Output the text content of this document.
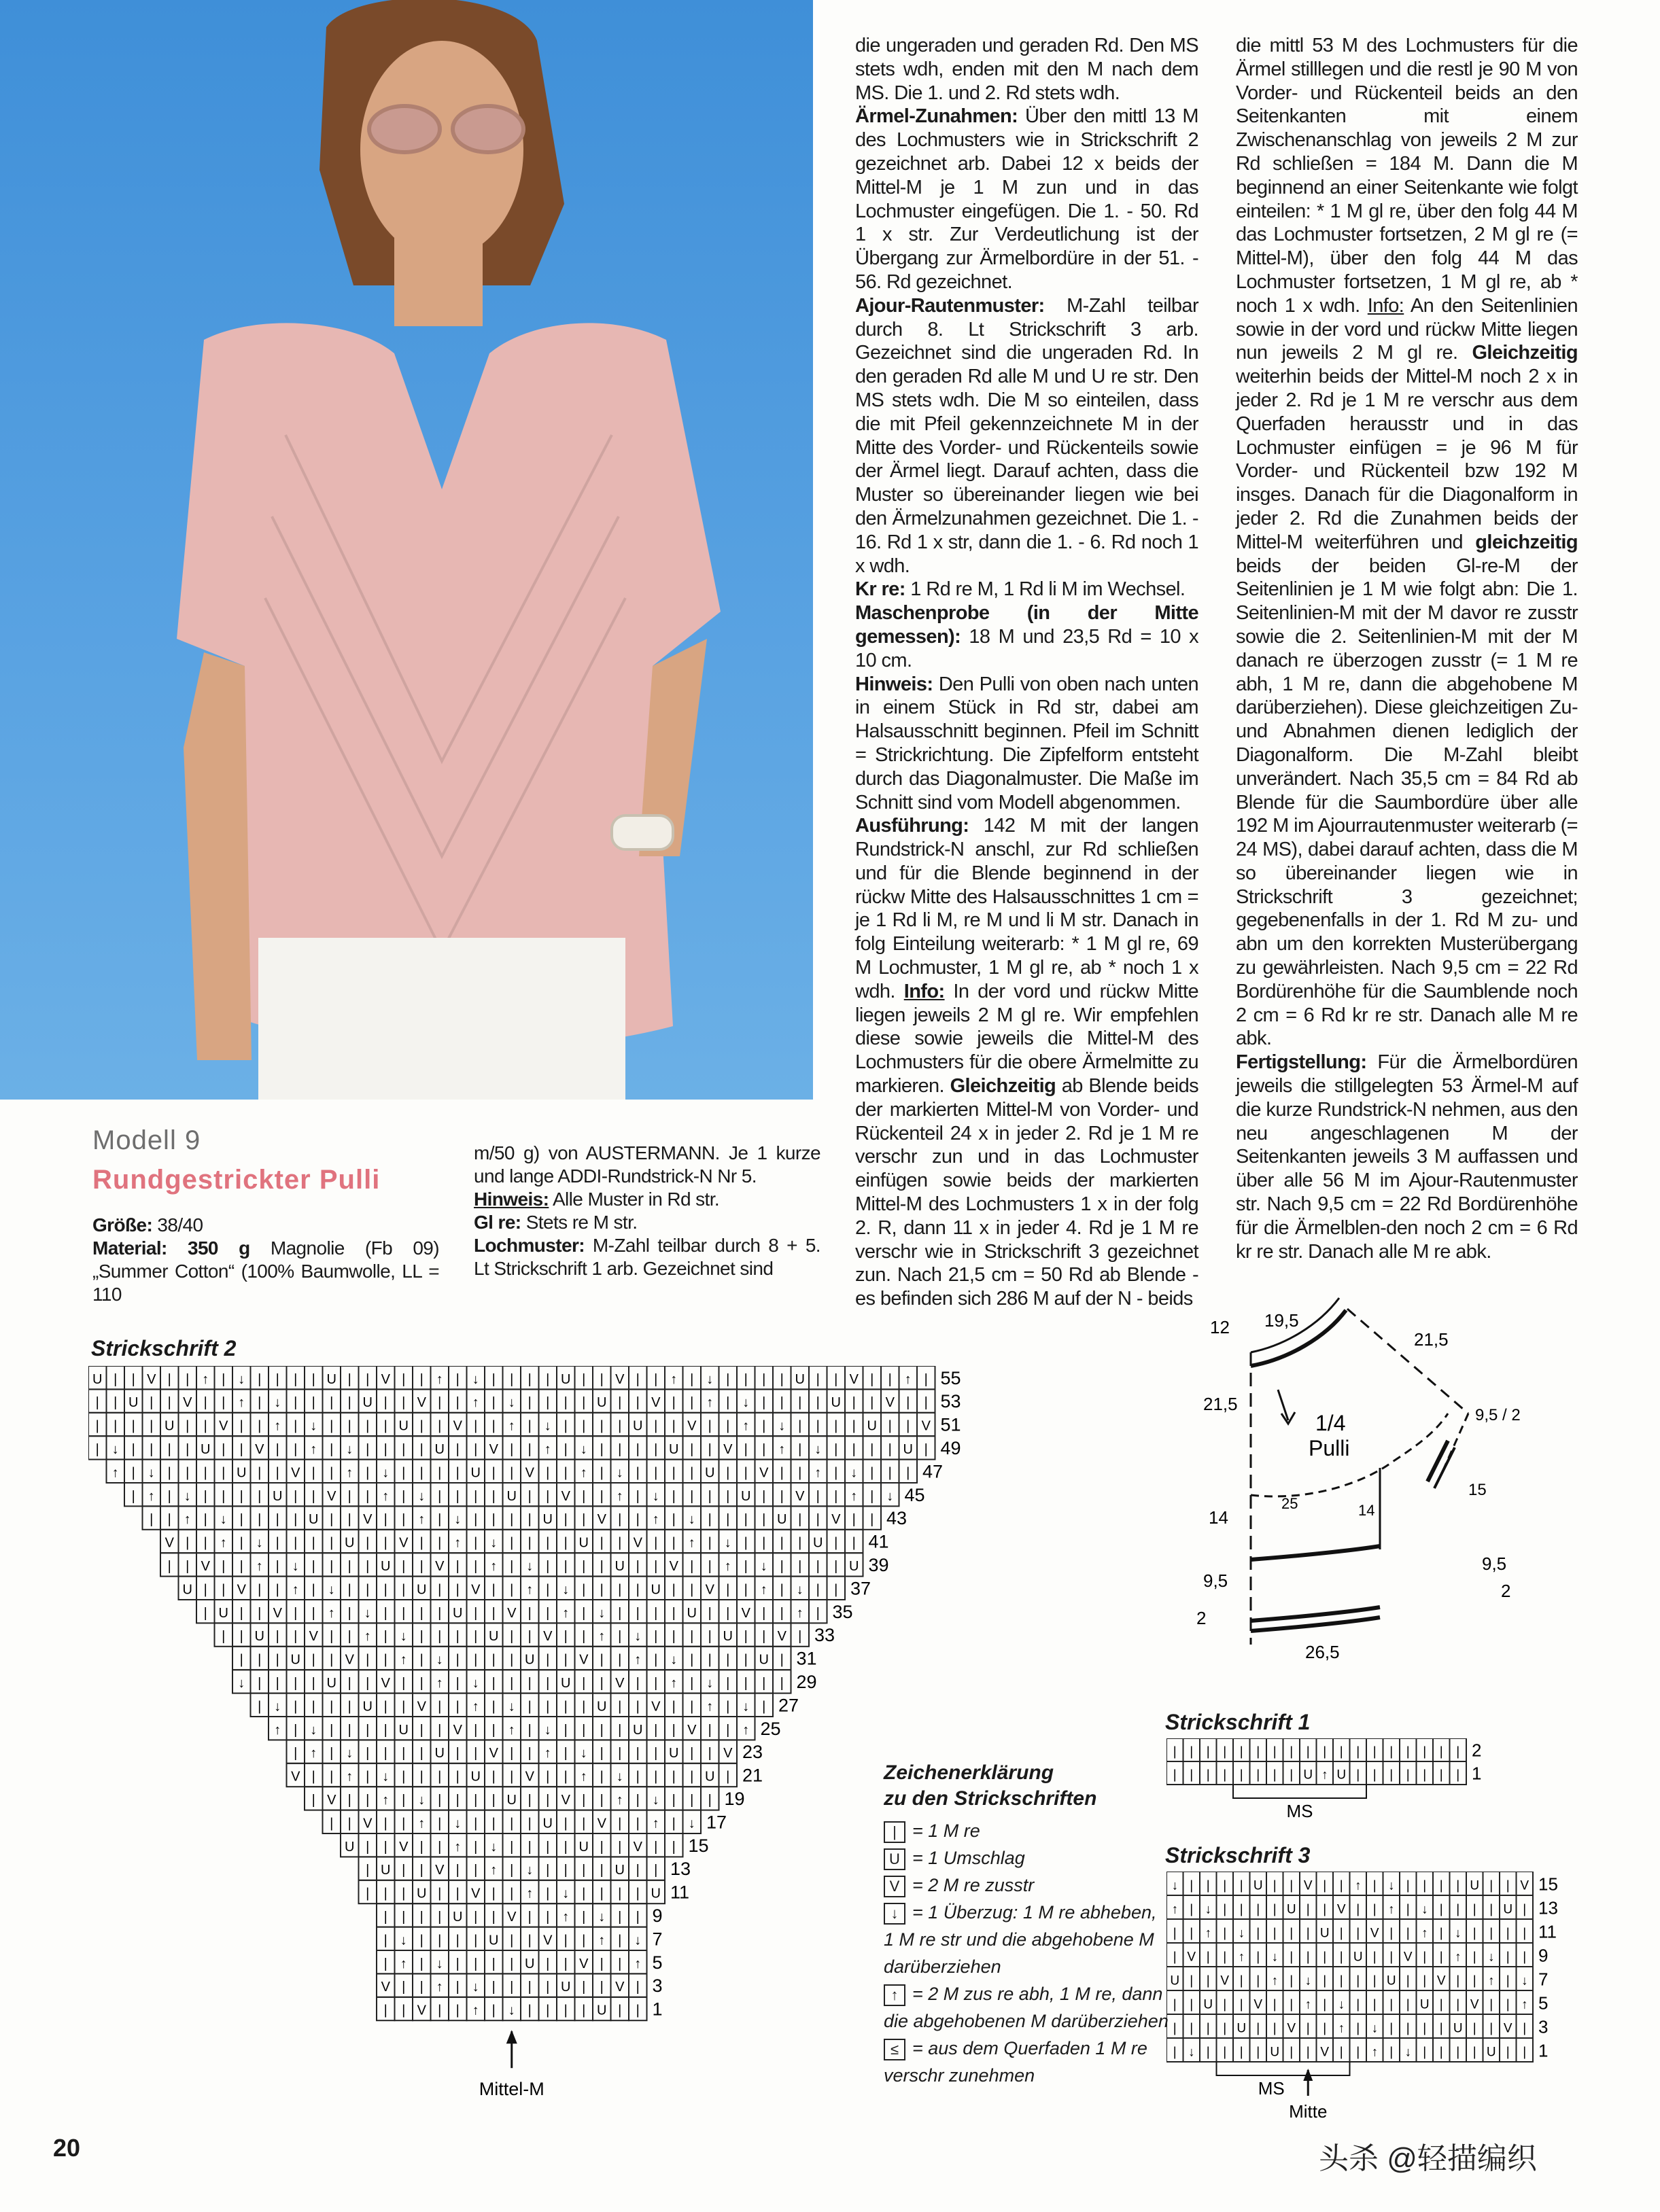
Modell 9
Rundgestrickter Pulli
Größe: 38/40
Material: 350 g Magnolie (Fb 09) „Summer Cotton“ (100% Baumwolle, LL = 110
m/50 g) von AUSTERMANN. Je 1 kurze und lange ADDI-Rundstrick-N Nr 5.
Hinweis: Alle Muster in Rd str.
Gl re: Stets re M str.
Lochmuster: M-Zahl teilbar durch 8 + 5. Lt Strickschrift 1 arb. Gezeichnet sind
die ungeraden und geraden Rd. Den MS stets wdh, enden mit den M nach dem MS. Die 1. und 2. Rd stets wdh.
Ärmel-Zunahmen: Über den mittl 13 M des Lochmusters wie in Strickschrift 2 gezeichnet arb. Dabei 12 x beids der Mittel-M je 1 M zun und in das Lochmuster eingefügen. Die 1. - 50. Rd 1 x str. Zur Verdeutlichung ist der Übergang zur Ärmelbordüre in der 51. - 56. Rd gezeichnet.
Ajour-Rautenmuster: M-Zahl teilbar durch 8. Lt Strickschrift 3 arb. Gezeichnet sind die ungeraden Rd. In den geraden Rd alle M und U re str. Den MS stets wdh. Die M so einteilen, dass die mit Pfeil gekennzeichnete M in der Mitte des Vorder- und Rückenteils sowie der Ärmel liegt. Darauf achten, dass die Muster so übereinander liegen wie bei den Ärmelzunahmen gezeichnet. Die 1. - 16. Rd 1 x str, dann die 1. - 6. Rd noch 1 x wdh.
Kr re: 1 Rd re M, 1 Rd li M im Wechsel.
Maschenprobe (in der Mitte gemessen): 18 M und 23,5 Rd = 10 x 10 cm.
Hinweis: Den Pulli von oben nach unten in einem Stück in Rd str, dabei am Halsausschnitt beginnen. Pfeil im Schnitt = Strickrichtung. Die Zipfelform entsteht durch das Diagonalmuster. Die Maße im Schnitt sind vom Modell abgenommen.
Ausführung: 142 M mit der langen Rundstrick-N anschl, zur Rd schließen und für die Blende beginnend in der rückw Mitte des Halsausschnittes 1 cm = je 1 Rd li M, re M und li M str. Danach in folg Einteilung weiterarb: * 1 M gl re, 69 M Lochmuster, 1 M gl re, ab * noch 1 x wdh. Info: In der vord und rückw Mitte liegen jeweils 2 M gl re. Wir empfehlen diese sowie jeweils die Mittel-M des Lochmusters für die obere Ärmelmitte zu markieren. Gleichzeitig ab Blende beids der markierten Mittel-M von Vorder- und Rückenteil 24 x in jeder 2. Rd je 1 M re verschr zun und in das Lochmuster einfügen sowie beids der markierten Mittel-M des Lochmusters 1 x in der folg 2. R, dann 11 x in jeder 4. Rd je 1 M re verschr wie in Strickschrift 3 gezeichnet zun. Nach 21,5 cm = 50 Rd ab Blende - es befinden sich 286 M auf der N - beids
die mittl 53 M des Lochmusters für die Ärmel stilllegen und die restl je 90 M von Vorder- und Rückenteil beids an den Seitenkanten mit einem Zwischenanschlag von jeweils 2 M zur Rd schließen = 184 M. Dann die M beginnend an einer Seitenkante wie folgt einteilen: * 1 M gl re, über den folg 44 M das Lochmuster fortsetzen, 2 M gl re (= Mittel-M), über den folg 44 M das Lochmuster fortsetzen, 1 M gl re, ab * noch 1 x wdh. Info: An den Seitenlinien sowie in der vord und rückw Mitte liegen nun jeweils 2 M gl re. Gleichzeitig weiterhin beids der Mittel-M noch 2 x in jeder 2. Rd je 1 M re verschr aus dem Querfaden herausstr und in das Lochmuster einfügen = je 96 M für Vorder- und Rückenteil bzw 192 M insges. Danach für die Diagonalform in jeder 2. Rd die Zunahmen beids der Mittel-M weiterführen und gleichzeitig beids der beiden Gl-re-M der Seitenlinien je 1 M wie folgt abn: Die 1. Seitenlinien-M mit der M davor re zusstr sowie die 2. Seitenlinien-M mit der M danach re überzogen zusstr (= 1 M re abh, 1 M re, dann die abgehobene M darüberziehen). Diese gleichzeitigen Zu- und Abnahmen dienen lediglich der Diagonalform. Die M-Zahl bleibt unverändert. Nach 35,5 cm = 84 Rd ab Blende für die Saumbordüre über alle 192 M im Ajourrautenmuster weiterarb (= 24 MS), dabei darauf achten, dass die M so übereinander liegen wie in Strickschrift 3 gezeichnet; gegebenenfalls in der 1. Rd M zu- und abn um den korrekten Musterübergang zu gewährleisten. Nach 9,5 cm = 22 Rd Bordürenhöhe für die Saumblende noch 2 cm = 6 Rd kr re str. Danach alle M re abk.
Fertigstellung: Für die Ärmelbordüren jeweils die stillgelegten 53 Ärmel-M auf die kurze Rundstrick-N nehmen, aus den neu angeschlagenen M der Seitenkanten jeweils 3 M auffassen und über alle 56 M im Ajour-Rautenmuster str. Nach 9,5 cm = 22 Rd Bordürenhöhe für die Ärmelblen-den noch 2 cm = 6 Rd kr re str. Danach alle M re abk.
Strickschrift 2
U | | V | | ↑ | ↓ | | | | U | | V | | ↑ | ↓ | | | | U | | V | | ↑ | ↓ | | | | U | | V | | ↑ | 55
| | U | | V | | ↑ | ↓ | | | | U | | V | | ↑ | ↓ | | | | U | | V | | ↑ | ↓ | | | | U | | V | | 53
| | | | U | | V | | ↑ | ↓ | | | | U | | V | | ↑ | ↓ | | | | U | | V | | ↑ | ↓ | | | | U | | V 51
| ↓ | | | | U | | V | | ↑ | ↓ | | | | U | | V | | ↑ | ↓ | | | | U | | V | | ↑ | ↓ | | | | U | 49
↑ | ↓ | | | | U | | V | | ↑ | ↓ | | | | U | | V | | ↑ | ↓ | | | | U | | V | | ↑ | ↓ | | | 47
| ↑ | ↓ | | | | U | | V | | ↑ | ↓ | | | | U | | V | | ↑ | ↓ | | | | U | | V | | ↑ | ↓ 45
| | ↑ | ↓ | | | | U | | V | | ↑ | ↓ | | | | U | | V | | ↑ | ↓ | | | | U | | V | | 43
V | | ↑ | ↓ | | | | U | | V | | ↑ | ↓ | | | | U | | V | | ↑ | ↓ | | | | U | | 41
| | V | | ↑ | ↓ | | | | U | | V | | ↑ | ↓ | | | | U | | V | | ↑ | ↓ | | | | U 39
U | | V | | ↑ | ↓ | | | | U | | V | | ↑ | ↓ | | | | U | | V | | ↑ | ↓ | | 37
| U | | V | | ↑ | ↓ | | | | U | | V | | ↑ | ↓ | | | | U | | V | | ↑ | 35
| | U | | V | | ↑ | ↓ | | | | U | | V | | ↑ | ↓ | | | | U | | V | 33
| | | U | | V | | ↑ | ↓ | | | | U | | V | | ↑ | ↓ | | | | U | 31
↓ | | | | U | | V | | ↑ | ↓ | | | | U | | V | | ↑ | ↓ | | | | 29
| ↓ | | | | U | | V | | ↑ | ↓ | | | | U | | V | | ↑ | ↓ | 27
↑ | ↓ | | | | U | | V | | ↑ | ↓ | | | | U | | V | | ↑ 25
| ↑ | ↓ | | | | U | | V | | ↑ | ↓ | | | | U | | V 23
V | | ↑ | ↓ | | | | U | | V | | ↑ | ↓ | | | | U | 21
| V | | ↑ | ↓ | | | | U | | V | | ↑ | ↓ | | | 19
| | V | | ↑ | ↓ | | | | U | | V | | ↑ | ↓ 17
U | | V | | ↑ | ↓ | | | | U | | V | | 15
| U | | V | | ↑ | ↓ | | | | U | | 13
| | | U | | V | | ↑ | ↓ | | | | U 11
| | | | U | | V | | ↑ | ↓ | | 9
| ↓ | | | | U | | V | | ↑ | ↓ 7
| ↑ | ↓ | | | | U | | V | | ↑ 5
V | | ↑ | ↓ | | | | U | | V | 3
| | V | | ↑ | ↓ | | | | U | | 1
Mittel-M
Zeichenerklärung
zu den Strickschriften
| = 1 M re
U = 1 Umschlag
V = 2 M re zusstr
↓ = 1 Überzug: 1 M re abheben, 1 M re str und die abgehobene M darüberziehen
↑ = 2 M zus re abh, 1 M re, dann die abgehobenen M darüberziehen
≤ = aus dem Querfaden 1 M re verschr zunehmen
1/4
Pulli
12 19,5
21,5
9,5 / 2
21,5
25	14
14
15
9,5
2
9,5
2
26,5
Strickschrift 1
| | | | | | | | | | | | | | | | | | 2
| | | | | | | | U ↑ U | | | | | | | 1
MS
Strickschrift 3
↓ | | | | U | | V | | ↑ | ↓ | | | | U | | V 15
↑ | ↓ | | | | U | | V | | ↑ | ↓ | | | | U | 13
| | ↑ | ↓ | | | | U | | V | | ↑ | ↓ | | | | 11
| V | | ↑ | ↓ | | | | U | | V | | ↑ | ↓ | | 9
U | | V | | ↑ | ↓ | | | | U | | V | | ↑ | ↓ 7
| | U | | V | | ↑ | ↓ | | | | U | | V | | ↑ 5
| | | | U | | V | | ↑ | ↓ | | | | U | | V | 3
| ↓ | | | | U | | V | | ↑ | ↓ | | | | U | | 1
MS
Mitte
20	头杀 @轻描编织
